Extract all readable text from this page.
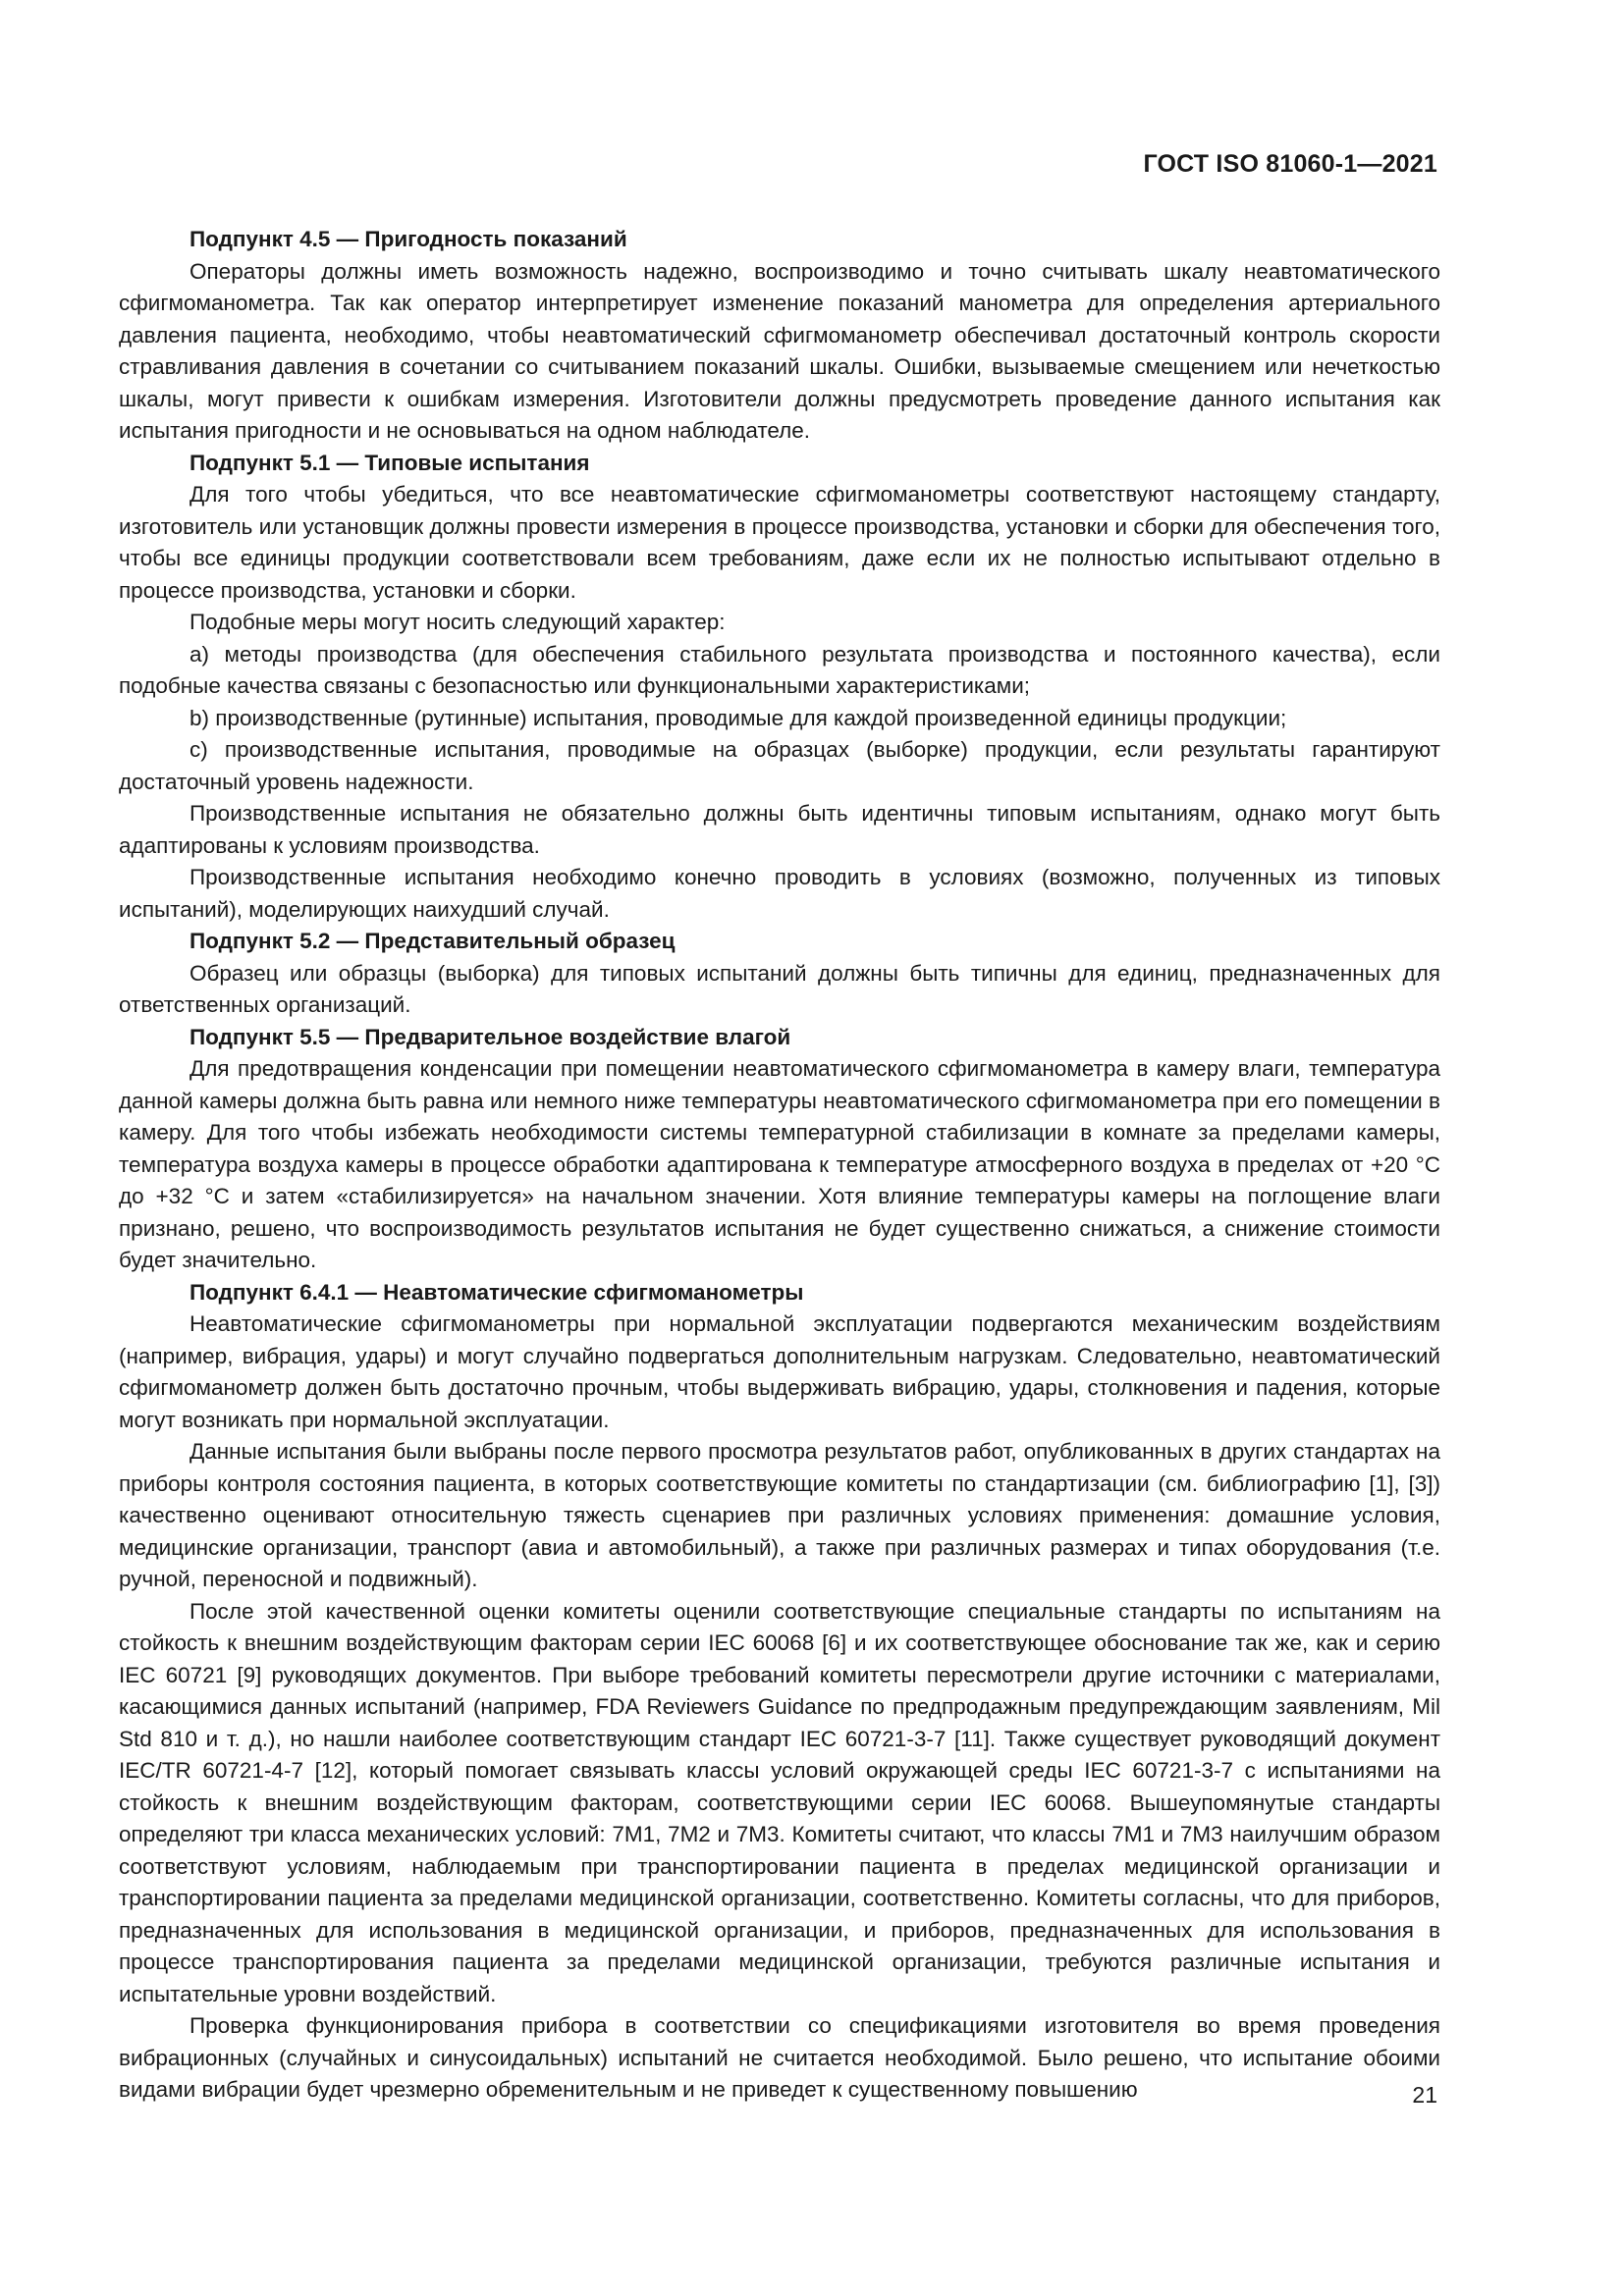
ГОСТ ISO 81060-1—2021

Подпункт 4.5 — Пригодность показаний

Операторы должны иметь возможность надежно, воспроизводимо и точно считывать шкалу неавтоматического сфигмоманометра. Так как оператор интерпретирует изменение показаний манометра для определения артериального давления пациента, необходимо, чтобы неавтоматический сфигмоманометр обеспечивал достаточный контроль скорости стравливания давления в сочетании со считыванием показаний шкалы. Ошибки, вызываемые смещением или нечеткостью шкалы, могут привести к ошибкам измерения. Изготовители должны предусмотреть проведение данного испытания как испытания пригодности и не основываться на одном наблюдателе.

Подпункт 5.1 — Типовые испытания

Для того чтобы убедиться, что все неавтоматические сфигмоманометры соответствуют настоящему стандарту, изготовитель или установщик должны провести измерения в процессе производства, установки и сборки для обеспечения того, чтобы все единицы продукции соответствовали всем требованиям, даже если их не полностью испытывают отдельно в процессе производства, установки и сборки.

Подобные меры могут носить следующий характер:

a) методы производства (для обеспечения стабильного результата производства и постоянного качества), если подобные качества связаны с безопасностью или функциональными характеристиками;

b) производственные (рутинные) испытания, проводимые для каждой произведенной единицы продукции;

c) производственные испытания, проводимые на образцах (выборке) продукции, если результаты гарантируют достаточный уровень надежности.

Производственные испытания не обязательно должны быть идентичны типовым испытаниям, однако могут быть адаптированы к условиям производства.

Производственные испытания необходимо конечно проводить в условиях (возможно, полученных из типовых испытаний), моделирующих наихудший случай.

Подпункт 5.2 — Представительный образец

Образец или образцы (выборка) для типовых испытаний должны быть типичны для единиц, предназначенных для ответственных организаций.

Подпункт 5.5 — Предварительное воздействие влагой

Для предотвращения конденсации при помещении неавтоматического сфигмоманометра в камеру влаги, температура данной камеры должна быть равна или немного ниже температуры неавтоматического сфигмоманометра при его помещении в камеру. Для того чтобы избежать необходимости системы температурной стабилизации в комнате за пределами камеры, температура воздуха камеры в процессе обработки адаптирована к температуре атмосферного воздуха в пределах от +20 °C до +32 °C и затем «стабилизируется» на начальном значении. Хотя влияние температуры камеры на поглощение влаги признано, решено, что воспроизводимость результатов испытания не будет существенно снижаться, а снижение стоимости будет значительно.

Подпункт 6.4.1 — Неавтоматические сфигмоманометры

Неавтоматические сфигмоманометры при нормальной эксплуатации подвергаются механическим воздействиям (например, вибрация, удары) и могут случайно подвергаться дополнительным нагрузкам. Следовательно, неавтоматический сфигмоманометр должен быть достаточно прочным, чтобы выдерживать вибрацию, удары, столкновения и падения, которые могут возникать при нормальной эксплуатации.

Данные испытания были выбраны после первого просмотра результатов работ, опубликованных в других стандартах на приборы контроля состояния пациента, в которых соответствующие комитеты по стандартизации (см. библиографию [1], [3]) качественно оценивают относительную тяжесть сценариев при различных условиях применения: домашние условия, медицинские организации, транспорт (авиа и автомобильный), а также при различных размерах и типах оборудования (т.е. ручной, переносной и подвижный).

После этой качественной оценки комитеты оценили соответствующие специальные стандарты по испытаниям на стойкость к внешним воздействующим факторам серии IEC 60068 [6] и их соответствующее обоснование так же, как и серию IEC 60721 [9] руководящих документов. При выборе требований комитеты пересмотрели другие источники с материалами, касающимися данных испытаний (например, FDA Reviewers Guidance по предпродажным предупреждающим заявлениям, Mil Std 810 и т. д.), но нашли наиболее соответствующим стандарт IEC 60721-3-7 [11]. Также существует руководящий документ IEC/TR 60721-4-7 [12], который помогает связывать классы условий окружающей среды IEC 60721-3-7 с испытаниями на стойкость к внешним воздействующим факторам, соответствующими серии IEC 60068. Вышеупомянутые стандарты определяют три класса механических условий: 7M1, 7M2 и 7M3. Комитеты считают, что классы 7M1 и 7M3 наилучшим образом соответствуют условиям, наблюдаемым при транспортировании пациента в пределах медицинской организации и транспортировании пациента за пределами медицинской организации, соответственно. Комитеты согласны, что для приборов, предназначенных для использования в медицинской организации, и приборов, предназначенных для использования в процессе транспортирования пациента за пределами медицинской организации, требуются различные испытания и испытательные уровни воздействий.

Проверка функционирования прибора в соответствии со спецификациями изготовителя во время проведения вибрационных (случайных и синусоидальных) испытаний не считается необходимой. Было решено, что испытание обоими видами вибрации будет чрезмерно обременительным и не приведет к существенному повышению	21
